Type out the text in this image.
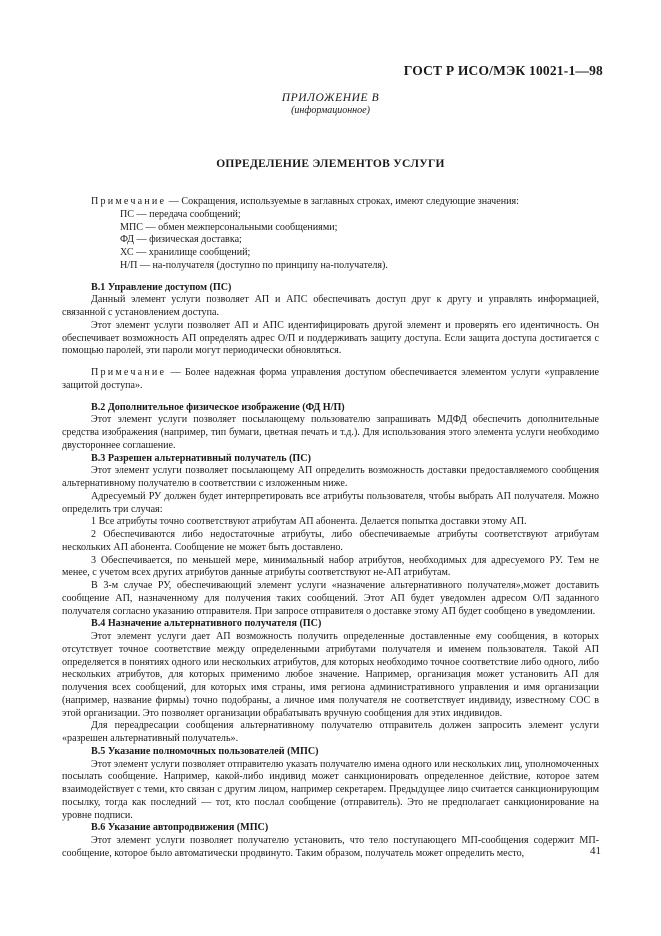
ГОСТ Р ИСО/МЭК 10021-1—98
ПРИЛОЖЕНИЕ В
(информационное)
ОПРЕДЕЛЕНИЕ ЭЛЕМЕНТОВ УСЛУГИ

Примечание — Сокращения, используемые в заглавных строках, имеют следующие значения:

ПС — передача сообщений;

МПС — обмен межперсональными сообщениями;

ФД — физическая доставка;

ХС — хранилище сообщений;

Н/П — на-получателя (доступно по принципу на-получателя).

В.1 Управление доступом (ПС)

Данный элемент услуги позволяет АП и АПС обеспечивать доступ друг к другу и управлять информацией, связанной с установлением доступа.

Этот элемент услуги позволяет АП и АПС идентифицировать другой элемент и проверять его идентичность. Он обеспечивает возможность АП определять адрес О/П и поддерживать защиту доступа. Если защита доступа достигается с помощью паролей, эти пароли могут периодически обновляться.

Примечание — Более надежная форма управления доступом обеспечивается элементом услуги «управление защитой доступа».

В.2 Дополнительное физическое изображение (ФД Н/П)

Этот элемент услуги позволяет посылающему пользователю запрашивать МДФД обеспечить дополнительные средства изображения (например, тип бумаги, цветная печать и т.д.). Для использования этого элемента услуги необходимо двустороннее соглашение.

В.3 Разрешен альтернативный получатель (ПС)

Этот элемент услуги позволяет посылающему АП определить возможность доставки предоставляемого сообщения альтернативному получателю в соответствии с изложенным ниже.

Адресуемый РУ должен будет интерпретировать все атрибуты пользователя, чтобы выбрать АП получателя. Можно определить три случая:

1 Все атрибуты точно соответствуют атрибутам АП абонента. Делается попытка доставки этому АП.

2 Обеспечиваются либо недостаточные атрибуты, либо обеспечиваемые атрибуты соответствуют атрибутам нескольких АП абонента. Сообщение не может быть доставлено.

3 Обеспечивается, по меньшей мере, минимальный набор атрибутов, необходимых для адресуемого РУ. Тем не менее, с учетом всех других атрибутов данные атрибуты соответствуют не-АП атрибутам.

В 3-м случае РУ, обеспечивающий элемент услуги «назначение альтернативного получателя»,может доставить сообщение АП, назначенному для получения таких сообщений. Этот АП будет уведомлен адресом О/П заданного получателя согласно указанию отправителя. При запросе отправителя о доставке этому АП будет сообщено в уведомлении.

В.4 Назначение альтернативного получателя (ПС)

Этот элемент услуги дает АП возможность получить определенные доставленные ему сообщения, в которых отсутствует точное соответствие между определенными атрибутами получателя и именем пользователя. Такой АП определяется в понятиях одного или нескольких атрибутов, для которых необходимо точное соответствие либо одного, либо нескольких атрибутов, для которых применимо любое значение. Например, организация может установить АП для получения всех сообщений, для которых имя страны, имя региона административного управления и имя организации (например, название фирмы) точно подобраны, а личное имя получателя не соответствует индивиду, известному СОС в этой организации. Это позволяет организации обрабатывать вручную сообщения для этих индивидов.

Для переадресации сообщения альтернативному получателю отправитель должен запросить элемент услуги «разрешен альтернативный получатель».

В.5 Указание полномочных пользователей (МПС)

Этот элемент услуги позволяет отправителю указать получателю имена одного или нескольких лиц, уполномоченных посылать сообщение. Например, какой-либо индивид может санкционировать определенное действие, которое затем взаимодействует с теми, кто связан с другим лицом, например секретарем. Предыдущее лицо считается санкционирующим посылку, тогда как последний — тот, кто послал сообщение (отправитель). Это не предполагает санкционирование на уровне подписи.

В.6 Указание автопродвижения (МПС)

Этот элемент услуги позволяет получателю установить, что тело поступающего МП-сообщения содержит МП-сообщение, которое было автоматически продвинуто. Таким образом, получатель может определить место,	41
